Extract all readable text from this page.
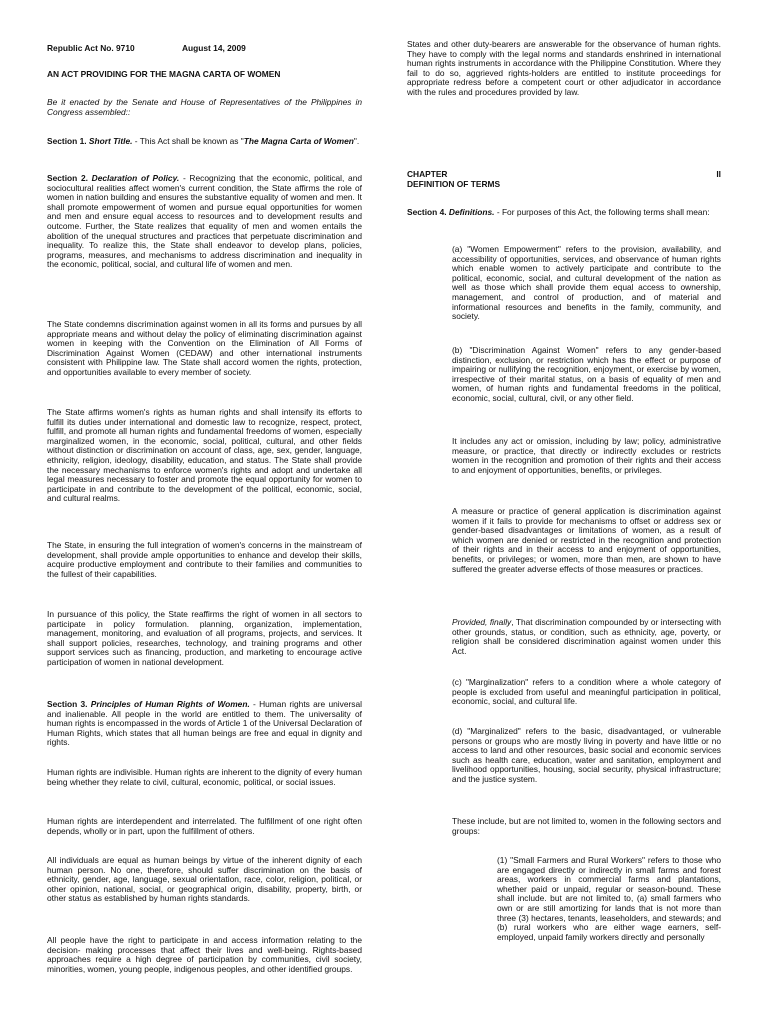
Republic Act No. 9710	August 14, 2009

AN ACT PROVIDING FOR THE MAGNA CARTA OF WOMEN

Be it enacted by the Senate and House of Representatives of the Philippines in Congress assembled::

Section 1. Short Title. - This Act shall be known as "The Magna Carta of Women".

Section 2. Declaration of Policy. - Recognizing that the economic, political, and sociocultural realities affect women's current condition, the State affirms the role of women in nation building and ensures the substantive equality of women and men. It shall promote empowerment of women and pursue equal opportunities for women and men and ensure equal access to resources and to development results and outcome. Further, the State realizes that equality of men and women entails the abolition of the unequal structures and practices that perpetuate discrimination and inequality. To realize this, the State shall endeavor to develop plans, policies, programs, measures, and mechanisms to address discrimination and inequality in the economic, political, social, and cultural life of women and men.

The State condemns discrimination against women in all its forms and pursues by all appropriate means and without delay the policy of eliminating discrimination against women in keeping with the Convention on the Elimination of All Forms of Discrimination Against Women (CEDAW) and other international instruments consistent with Philippine law. The State shall accord women the rights, protection, and opportunities available to every member of society.

The State affirms women's rights as human rights and shall intensify its efforts to fulfill its duties under international and domestic law to recognize, respect, protect, fulfill, and promote all human rights and fundamental freedoms of women, especially marginalized women, in the economic, social, political, cultural, and other fields without distinction or discrimination on account of class, age, sex, gender, language, ethnicity, religion, ideology, disability, education, and status. The State shall provide the necessary mechanisms to enforce women's rights and adopt and undertake all legal measures necessary to foster and promote the equal opportunity for women to participate in and contribute to the development of the political, economic, social, and cultural realms.

The State, in ensuring the full integration of women's concerns in the mainstream of development, shall provide ample opportunities to enhance and develop their skills, acquire productive employment and contribute to their families and communities to the fullest of their capabilities.

In pursuance of this policy, the State reaffirms the right of women in all sectors to participate in policy formulation. planning, organization, implementation, management, monitoring, and evaluation of all programs, projects, and services. It shall support policies, researches, technology, and training programs and other support services such as financing, production, and marketing to encourage active participation of women in national development.

Section 3. Principles of Human Rights of Women. - Human rights are universal and inalienable. All people in the world are entitled to them. The universality of human rights is encompassed in the words of Article 1 of the Universal Declaration of Human Rights, which states that all human beings are free and equal in dignity and rights.

Human rights are indivisible. Human rights are inherent to the dignity of every human being whether they relate to civil, cultural, economic, political, or social issues.

Human rights are interdependent and interrelated. The fulfillment of one right often depends, wholly or in part, upon the fulfillment of others.

All individuals are equal as human beings by virtue of the inherent dignity of each human person. No one, therefore, should suffer discrimination on the basis of ethnicity, gender, age, language, sexual orientation, race, color, religion, political, or other opinion, national, social, or geographical origin, disability, property, birth, or other status as established by human rights standards.

All people have the right to participate in and access information relating to the decision- making processes that affect their lives and well-being. Rights-based approaches require a high degree of participation by communities, civil society, minorities, women, young people, indigenous peoples, and other identified groups.

States and other duty-bearers are answerable for the observance of human rights. They have to comply with the legal norms and standards enshrined in international human rights instruments in accordance with the Philippine Constitution. Where they fail to do so, aggrieved rights-holders are entitled to institute proceedings for appropriate redress before a competent court or other adjudicator in accordance with the rules and procedures provided by law.

CHAPTER	II
DEFINITION OF TERMS

Section 4. Definitions. - For purposes of this Act, the following terms shall mean:

(a) "Women Empowerment" refers to the provision, availability, and accessibility of opportunities, services, and observance of human rights which enable women to actively participate and contribute to the political, economic, social, and cultural development of the nation as well as those which shall provide them equal access to ownership, management, and control of production, and of material and informational resources and benefits in the family, community, and society.

(b) "Discrimination Against Women" refers to any gender-based distinction, exclusion, or restriction which has the effect or purpose of impairing or nullifying the recognition, enjoyment, or exercise by women, irrespective of their marital status, on a basis of equality of men and women, of human rights and fundamental freedoms in the political, economic, social, cultural, civil, or any other field.

It includes any act or omission, including by law; policy, administrative measure, or practice, that directly or indirectly excludes or restricts women in the recognition and promotion of their rights and their access to and enjoyment of opportunities, benefits, or privileges.

A measure or practice of general application is discrimination against women if it fails to provide for mechanisms to offset or address sex or gender-based disadvantages or limitations of women, as a result of which women are denied or restricted in the recognition and protection of their rights and in their access to and enjoyment of opportunities, benefits, or privileges; or women, more than men, are shown to have suffered the greater adverse effects of those measures or practices.

Provided, finally, That discrimination compounded by or intersecting with other grounds, status, or condition, such as ethnicity, age, poverty, or religion shall be considered discrimination against women under this Act.

(c) "Marginalization" refers to a condition where a whole category of people is excluded from useful and meaningful participation in political, economic, social, and cultural life.

(d) "Marginalized" refers to the basic, disadvantaged, or vulnerable persons or groups who are mostly living in poverty and have little or no access to land and other resources, basic social and economic services such as health care, education, water and sanitation, employment and livelihood opportunities, housing, social security, physical infrastructure; and the justice system.

These include, but are not limited to, women in the following sectors and groups:

(1) "Small Farmers and Rural Workers" refers to those who are engaged directly or indirectly in small farms and forest areas, workers in commercial farms and plantations, whether paid or unpaid, regular or season-bound. These shall include. but are not limited to, (a) small farmers who own or are still amortizing for lands that is not more than three (3) hectares, tenants, leaseholders, and stewards; and (b) rural workers who are either wage earners, self-employed, unpaid family workers directly and personally
